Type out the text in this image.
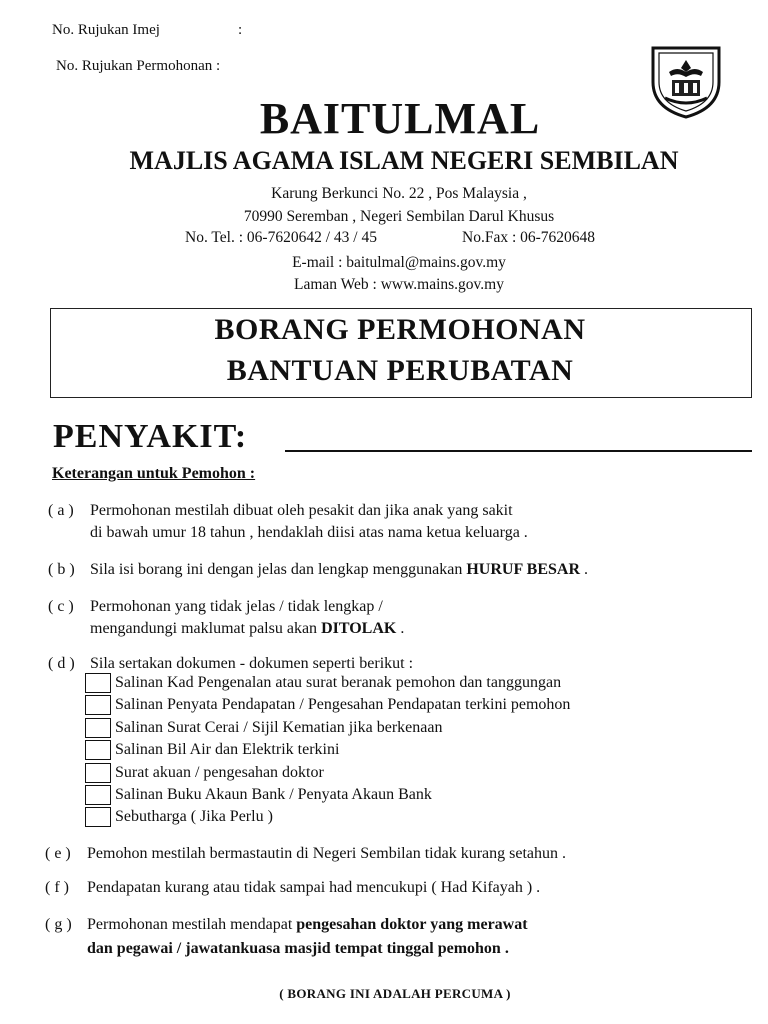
No. Rujukan Imej	:
No. Rujukan Permohonan :
BAITULMAL
MAJLIS AGAMA ISLAM NEGERI SEMBILAN
Karung Berkunci No. 22 , Pos Malaysia ,
70990 Seremban , Negeri Sembilan Darul Khusus
No. Tel. : 06-7620642 / 43 / 45	No.Fax : 06-7620648
E-mail : baitulmal@mains.gov.my
Laman Web : www.mains.gov.my
BORANG PERMOHONAN
BANTUAN PERUBATAN
PENYAKIT:
Keterangan untuk Pemohon :
( a ) Permohonan mestilah dibuat oleh pesakit dan jika anak yang sakit
di bawah umur 18 tahun , hendaklah diisi atas nama ketua keluarga .
( b ) Sila isi borang ini dengan jelas dan lengkap menggunakan HURUF BESAR .
( c ) Permohonan yang tidak jelas / tidak lengkap /
mengandungi maklumat palsu akan DITOLAK .
( d ) Sila sertakan dokumen - dokumen seperti berikut :
Salinan Kad Pengenalan atau surat beranak pemohon dan tanggungan
Salinan Penyata Pendapatan / Pengesahan Pendapatan terkini pemohon
Salinan Surat Cerai / Sijil Kematian jika berkenaan
Salinan Bil Air dan Elektrik terkini
Surat akuan / pengesahan doktor
Salinan Buku Akaun Bank / Penyata Akaun Bank
Sebutharga ( Jika Perlu )
( e ) Pemohon mestilah bermastautin di Negeri Sembilan tidak kurang setahun .
( f ) Pendapatan kurang atau tidak sampai had mencukupi ( Had Kifayah ) .
( g ) Permohonan mestilah mendapat pengesahan doktor yang merawat
dan pegawai / jawatankuasa masjid tempat tinggal pemohon .
( BORANG INI ADALAH PERCUMA )
